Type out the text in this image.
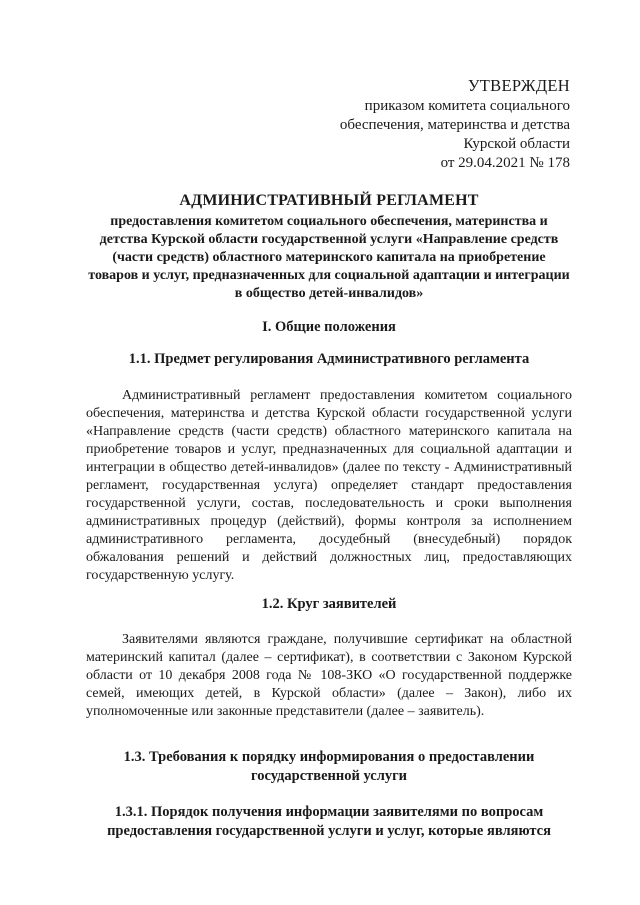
УТВЕРЖДЕН
приказом комитета социального
обеспечения, материнства и детства
Курской области
от 29.04.2021 № 178
АДМИНИСТРАТИВНЫЙ РЕГЛАМЕНТ
предоставления комитетом социального обеспечения, материнства и детства Курской области государственной услуги «Направление средств (части средств) областного материнского капитала на приобретение товаров и услуг, предназначенных для социальной адаптации и интеграции в общество детей-инвалидов»
I. Общие положения
1.1. Предмет регулирования Административного регламента
Административный регламент предоставления комитетом социального обеспечения, материнства и детства Курской области государственной услуги «Направление средств (части средств) областного материнского капитала на приобретение товаров и услуг, предназначенных для социальной адаптации и интеграции в общество детей-инвалидов» (далее по тексту - Административный регламент, государственная услуга) определяет стандарт предоставления государственной услуги, состав, последовательность и сроки выполнения административных процедур (действий), формы контроля за исполнением административного регламента, досудебный (внесудебный) порядок обжалования решений и действий должностных лиц, предоставляющих государственную услугу.
1.2. Круг заявителей
Заявителями являются граждане, получившие сертификат на областной материнский капитал (далее – сертификат), в соответствии с Законом Курской области от 10 декабря 2008 года № 108-ЗКО «О государственной поддержке семей, имеющих детей, в Курской области» (далее – Закон), либо их уполномоченные или законные представители (далее – заявитель).
1.3. Требования к порядку информирования о предоставлении государственной услуги
1.3.1. Порядок получения информации заявителями по вопросам предоставления государственной услуги и услуг, которые являются
